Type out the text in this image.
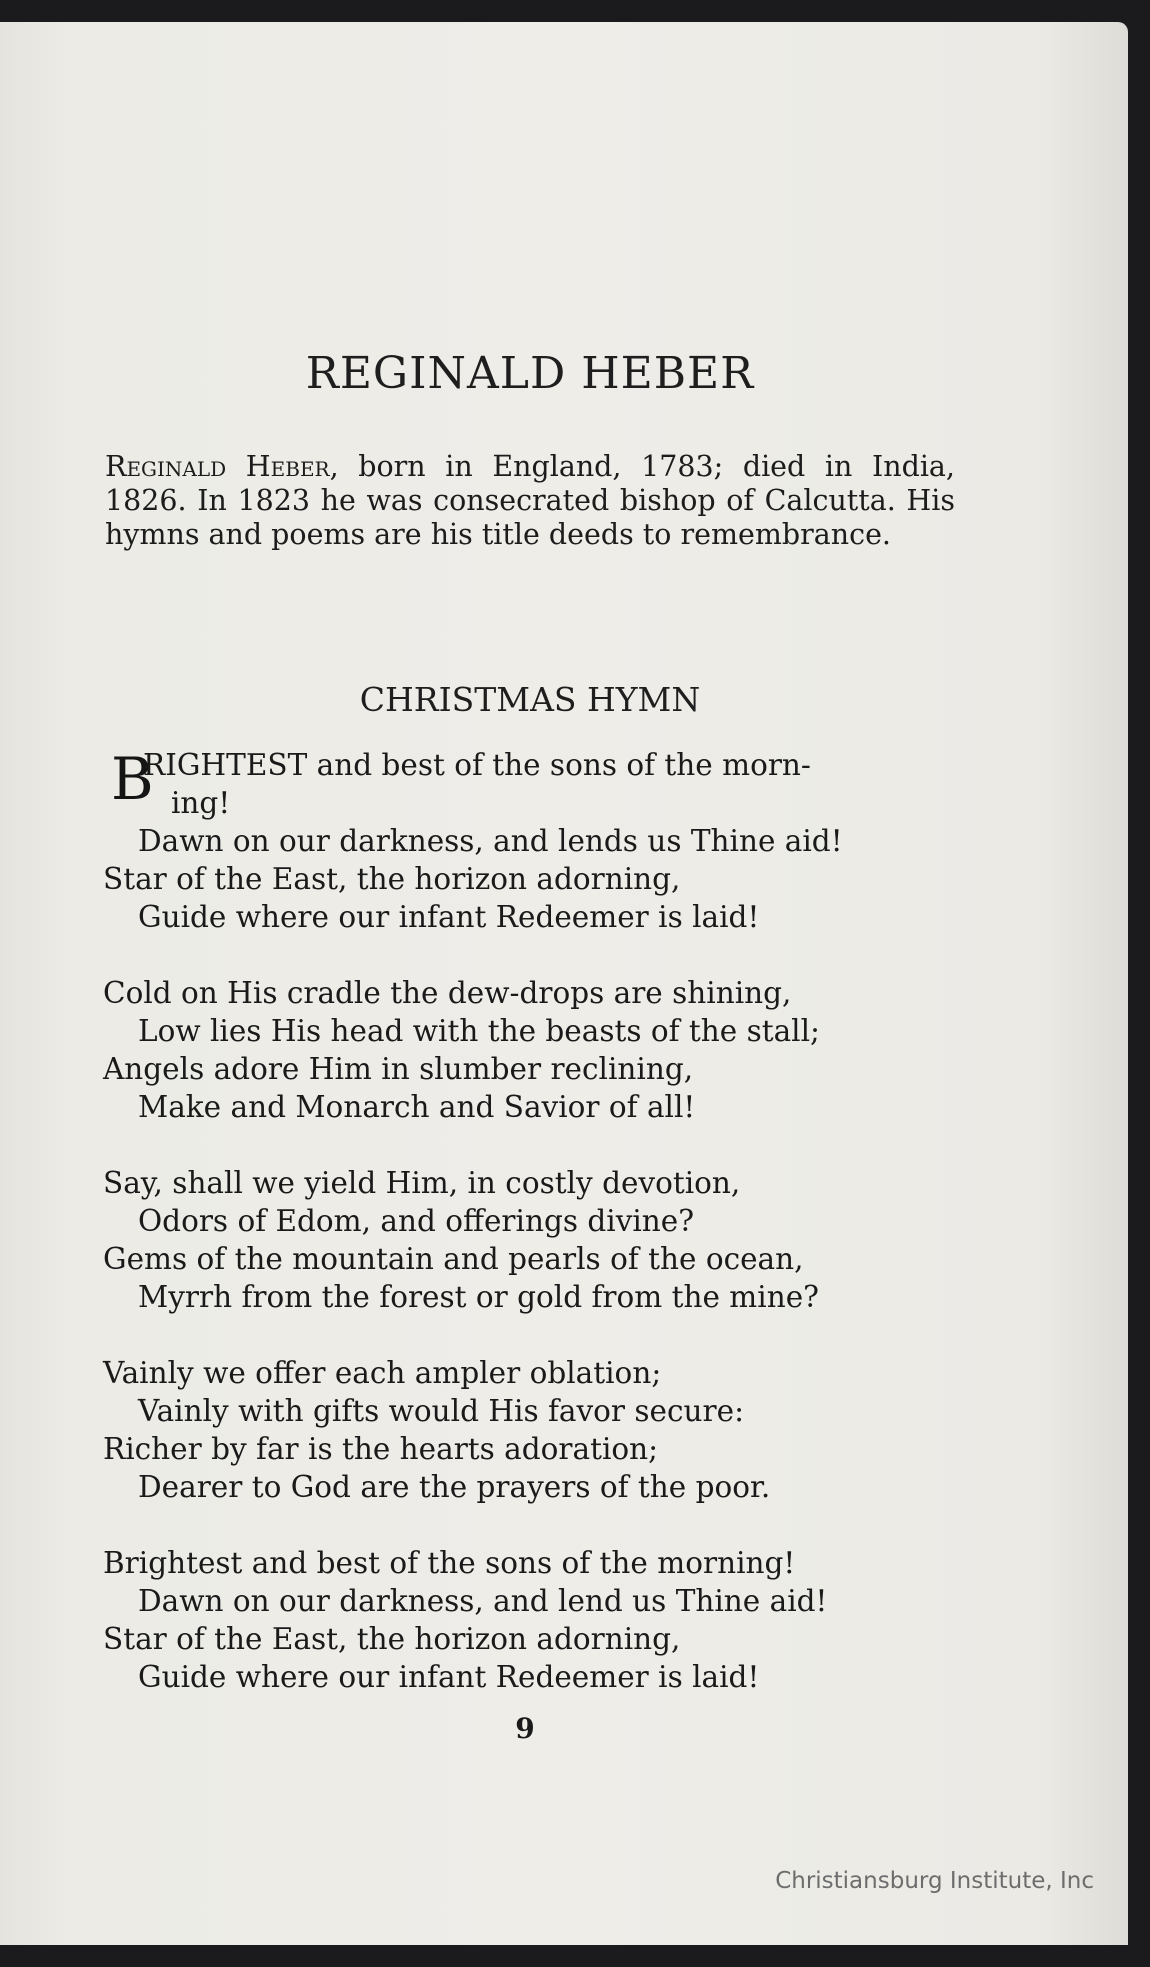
REGINALD HEBER

Reginald Heber, born in England, 1783; died in India, 1826. In 1823 he was consecrated bishop of Calcutta. His hymns and poems are his title deeds to remembrance.

CHRISTMAS HYMN
B
RIGHTEST and best of the sons of the morn-
ing!
Dawn on our darkness, and lends us Thine aid!
Star of the East, the horizon adorning,
Guide where our infant Redeemer is laid!
Cold on His cradle the dew-drops are shining,
Low lies His head with the beasts of the stall;
Angels adore Him in slumber reclining,
Make and Monarch and Savior of all!
Say, shall we yield Him, in costly devotion,
Odors of Edom, and offerings divine?
Gems of the mountain and pearls of the ocean,
Myrrh from the forest or gold from the mine?
Vainly we offer each ampler oblation;
Vainly with gifts would His favor secure:
Richer by far is the hearts adoration;
Dearer to God are the prayers of the poor.
Brightest and best of the sons of the morning!
Dawn on our darkness, and lend us Thine aid!
Star of the East, the horizon adorning,
Guide where our infant Redeemer is laid!
9
Christiansburg Institute, Inc
